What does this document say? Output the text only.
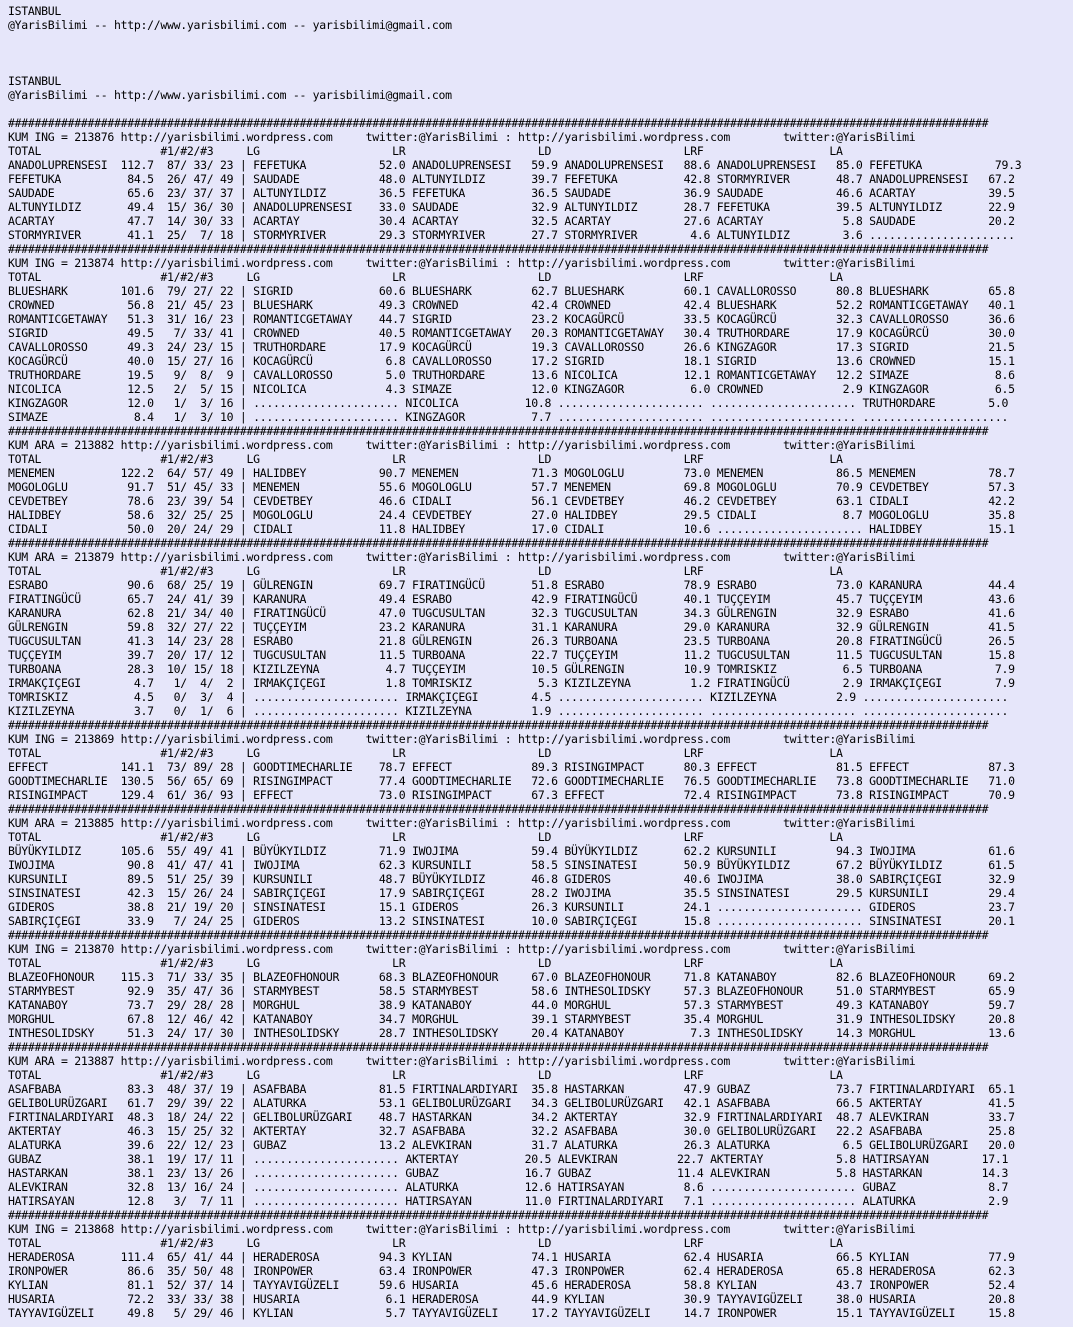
ISTANBUL
@YarisBilimi -- http://www.yarisbilimi.com -- yarisbilimi@gmail.com
ISTANBUL
@YarisBilimi -- http://www.yarisbilimi.com -- yarisbilimi@gmail.com
####################################################################################################################################################
KUM ING = 213876 http://yarisbilimi.wordpress.com     twitter:@YarisBilimi : http://yarisbilimi.wordpress.com        twitter:@YarisBilimi
TOTAL                  #1/#2/#3     LG                    LR                    LD                    LRF                   LA
ANADOLUPRENSESI  112.7  87/ 33/ 23 | FEFETUKA           52.0 ANADOLUPRENSESI   59.9 ANADOLUPRENSESI   88.6 ANADOLUPRENSESI   85.0 FEFETUKA           79.3
FEFETUKA          84.5  26/ 47/ 49 | SAUDADE            48.0 ALTUNYILDIZ       39.7 FEFETUKA          42.8 STORMYRIVER       48.7 ANADOLUPRENSESI   67.2
SAUDADE           65.6  23/ 37/ 37 | ALTUNYILDIZ        36.5 FEFETUKA          36.5 SAUDADE           36.9 SAUDADE           46.6 ACARTAY           39.5
ALTUNYILDIZ       49.4  15/ 36/ 30 | ANADOLUPRENSESI    33.0 SAUDADE           32.9 ALTUNYILDIZ       28.7 FEFETUKA          39.5 ALTUNYILDIZ       22.9
ACARTAY           47.7  14/ 30/ 33 | ACARTAY            30.4 ACARTAY           32.5 ACARTAY           27.6 ACARTAY            5.8 SAUDADE           20.2
STORMYRIVER       41.1  25/  7/ 18 | STORMYRIVER        29.3 STORMYRIVER       27.7 STORMYRIVER        4.6 ALTUNYILDIZ        3.6 ......................
####################################################################################################################################################
KUM ING = 213874 http://yarisbilimi.wordpress.com     twitter:@YarisBilimi : http://yarisbilimi.wordpress.com        twitter:@YarisBilimi
TOTAL                  #1/#2/#3     LG                    LR                    LD                    LRF                   LA
BLUESHARK        101.6  79/ 27/ 22 | SIGRID             60.6 BLUESHARK         62.7 BLUESHARK         60.1 CAVALLOROSSO      80.8 BLUESHARK         65.8
CROWNED           56.8  21/ 45/ 23 | BLUESHARK          49.3 CROWNED           42.4 CROWNED           42.4 BLUESHARK         52.2 ROMANTICGETAWAY   40.1
ROMANTICGETAWAY   51.3  31/ 16/ 23 | ROMANTICGETAWAY    44.7 SIGRID            23.2 KOCAGÜRCÜ         33.5 KOCAGÜRCÜ         32.3 CAVALLOROSSO      36.6
SIGRID            49.5   7/ 33/ 41 | CROWNED            40.5 ROMANTICGETAWAY   20.3 ROMANTICGETAWAY   30.4 TRUTHORDARE       17.9 KOCAGÜRCÜ         30.0
CAVALLOROSSO      49.3  24/ 23/ 15 | TRUTHORDARE        17.9 KOCAGÜRCÜ         19.3 CAVALLOROSSO      26.6 KINGZAGOR         17.3 SIGRID            21.5
KOCAGÜRCÜ         40.0  15/ 27/ 16 | KOCAGÜRCÜ           6.8 CAVALLOROSSO      17.2 SIGRID            18.1 SIGRID            13.6 CROWNED           15.1
TRUTHORDARE       19.5   9/  8/  9 | CAVALLOROSSO        5.0 TRUTHORDARE       13.6 NICOLICA          12.1 ROMANTICGETAWAY   12.2 SIMAZE             8.6
NICOLICA          12.5   2/  5/ 15 | NICOLICA            4.3 SIMAZE            12.0 KINGZAGOR          6.0 CROWNED            2.9 KINGZAGOR          6.5
KINGZAGOR         12.0   1/  3/ 16 | ...................... NICOLICA          10.8 ...................... ...................... TRUTHORDARE        5.0
SIMAZE             8.4   1/  3/ 10 | ...................... KINGZAGOR          7.7 ...................... ...................... ......................
####################################################################################################################################################
KUM ARA = 213882 http://yarisbilimi.wordpress.com     twitter:@YarisBilimi : http://yarisbilimi.wordpress.com        twitter:@YarisBilimi
TOTAL                  #1/#2/#3     LG                    LR                    LD                    LRF                   LA
MENEMEN          122.2  64/ 57/ 49 | HALIDBEY           90.7 MENEMEN           71.3 MOGOLOGLU         73.0 MENEMEN           86.5 MENEMEN           78.7
MOGOLOGLU         91.7  51/ 45/ 33 | MENEMEN            55.6 MOGOLOGLU         57.7 MENEMEN           69.8 MOGOLOGLU         70.9 CEVDETBEY         57.3
CEVDETBEY         78.6  23/ 39/ 54 | CEVDETBEY          46.6 CIDALI            56.1 CEVDETBEY         46.2 CEVDETBEY         63.1 CIDALI            42.2
HALIDBEY          58.6  32/ 25/ 25 | MOGOLOGLU          24.4 CEVDETBEY         27.0 HALIDBEY          29.5 CIDALI             8.7 MOGOLOGLU         35.8
CIDALI            50.0  20/ 24/ 29 | CIDALI             11.8 HALIDBEY          17.0 CIDALI            10.6 ...................... HALIDBEY          15.1
####################################################################################################################################################
KUM ARA = 213879 http://yarisbilimi.wordpress.com     twitter:@YarisBilimi : http://yarisbilimi.wordpress.com        twitter:@YarisBilimi
TOTAL                  #1/#2/#3     LG                    LR                    LD                    LRF                   LA
ESRABO            90.6  68/ 25/ 19 | GÜLRENGIN          69.7 FIRATINGÜCÜ       51.8 ESRABO            78.9 ESRABO            73.0 KARANURA          44.4
FIRATINGÜCÜ       65.7  24/ 41/ 39 | KARANURA           49.4 ESRABO            42.9 FIRATINGÜCÜ       40.1 TUÇÇEYIM          45.7 TUÇÇEYIM          43.6
KARANURA          62.8  21/ 34/ 40 | FIRATINGÜCÜ        47.0 TUGCUSULTAN       32.3 TUGCUSULTAN       34.3 GÜLRENGIN         32.9 ESRABO            41.6
GÜLRENGIN         59.8  32/ 27/ 22 | TUÇÇEYIM           23.2 KARANURA          31.1 KARANURA          29.0 KARANURA          32.9 GÜLRENGIN         41.5
TUGCUSULTAN       41.3  14/ 23/ 28 | ESRABO             21.8 GÜLRENGIN         26.3 TURBOANA          23.5 TURBOANA          20.8 FIRATINGÜCÜ       26.5
TUÇÇEYIM          39.7  20/ 17/ 12 | TUGCUSULTAN        11.5 TURBOANA          22.7 TUÇÇEYIM          11.2 TUGCUSULTAN       11.5 TUGCUSULTAN       15.8
TURBOANA          28.3  10/ 15/ 18 | KIZILZEYNA          4.7 TUÇÇEYIM          10.5 GÜLRENGIN         10.9 TOMRISKIZ          6.5 TURBOANA           7.9
IRMAKÇIÇEGI        4.7   1/  4/  2 | IRMAKÇIÇEGI         1.8 TOMRISKIZ          5.3 KIZILZEYNA         1.2 FIRATINGÜCÜ        2.9 IRMAKÇIÇEGI        7.9
TOMRISKIZ          4.5   0/  3/  4 | ...................... IRMAKÇIÇEGI        4.5 ...................... KIZILZEYNA         2.9 ......................
KIZILZEYNA         3.7   0/  1/  6 | ...................... KIZILZEYNA         1.9 ...................... ...................... ......................
####################################################################################################################################################
KUM ING = 213869 http://yarisbilimi.wordpress.com     twitter:@YarisBilimi : http://yarisbilimi.wordpress.com        twitter:@YarisBilimi
TOTAL                  #1/#2/#3     LG                    LR                    LD                    LRF                   LA
EFFECT           141.1  73/ 89/ 28 | GOODTIMECHARLIE    78.7 EFFECT            89.3 RISINGIMPACT      80.3 EFFECT            81.5 EFFECT            87.3
GOODTIMECHARLIE  130.5  56/ 65/ 69 | RISINGIMPACT       77.4 GOODTIMECHARLIE   72.6 GOODTIMECHARLIE   76.5 GOODTIMECHARLIE   73.8 GOODTIMECHARLIE   71.0
RISINGIMPACT     129.4  61/ 36/ 93 | EFFECT             73.0 RISINGIMPACT      67.3 EFFECT            72.4 RISINGIMPACT      73.8 RISINGIMPACT      70.9
####################################################################################################################################################
KUM ARA = 213885 http://yarisbilimi.wordpress.com     twitter:@YarisBilimi : http://yarisbilimi.wordpress.com        twitter:@YarisBilimi
TOTAL                  #1/#2/#3     LG                    LR                    LD                    LRF                   LA
BÜYÜKYILDIZ      105.6  55/ 49/ 41 | BÜYÜKYILDIZ        71.9 IWOJIMA           59.4 BÜYÜKYILDIZ       62.2 KURSUNILI         94.3 IWOJIMA           61.6
IWOJIMA           90.8  41/ 47/ 41 | IWOJIMA            62.3 KURSUNILI         58.5 SINSINATESI       50.9 BÜYÜKYILDIZ       67.2 BÜYÜKYILDIZ       61.5
KURSUNILI         89.5  51/ 25/ 39 | KURSUNILI          48.7 BÜYÜKYILDIZ       46.8 GIDEROS           40.6 IWOJIMA           38.0 SABIRÇIÇEGI       32.9
SINSINATESI       42.3  15/ 26/ 24 | SABIRÇIÇEGI        17.9 SABIRÇIÇEGI       28.2 IWOJIMA           35.5 SINSINATESI       29.5 KURSUNILI         29.4
GIDEROS           38.8  21/ 19/ 20 | SINSINATESI        15.1 GIDEROS           26.3 KURSUNILI         24.1 ...................... GIDEROS           23.7
SABIRÇIÇEGI       33.9   7/ 24/ 25 | GIDEROS            13.2 SINSINATESI       10.0 SABIRÇIÇEGI       15.8 ...................... SINSINATESI       20.1
####################################################################################################################################################
KUM ING = 213870 http://yarisbilimi.wordpress.com     twitter:@YarisBilimi : http://yarisbilimi.wordpress.com        twitter:@YarisBilimi
TOTAL                  #1/#2/#3     LG                    LR                    LD                    LRF                   LA
BLAZEOFHONOUR    115.3  71/ 33/ 35 | BLAZEOFHONOUR      68.3 BLAZEOFHONOUR     67.0 BLAZEOFHONOUR     71.8 KATANABOY         82.6 BLAZEOFHONOUR     69.2
STARMYBEST        92.9  35/ 47/ 36 | STARMYBEST         58.5 STARMYBEST        58.6 INTHESOLIDSKY     57.3 BLAZEOFHONOUR     51.0 STARMYBEST        65.9
KATANABOY         73.7  29/ 28/ 28 | MORGHUL            38.9 KATANABOY         44.0 MORGHUL           57.3 STARMYBEST        49.3 KATANABOY         59.7
MORGHUL           67.8  12/ 46/ 42 | KATANABOY          34.7 MORGHUL           39.1 STARMYBEST        35.4 MORGHUL           31.9 INTHESOLIDSKY     20.8
INTHESOLIDSKY     51.3  24/ 17/ 30 | INTHESOLIDSKY      28.7 INTHESOLIDSKY     20.4 KATANABOY          7.3 INTHESOLIDSKY     14.3 MORGHUL           13.6
####################################################################################################################################################
KUM ARA = 213887 http://yarisbilimi.wordpress.com     twitter:@YarisBilimi : http://yarisbilimi.wordpress.com        twitter:@YarisBilimi
TOTAL                  #1/#2/#3     LG                    LR                    LD                    LRF                   LA
ASAFBABA          83.3  48/ 37/ 19 | ASAFBABA           81.5 FIRTINALARDIYARI  35.8 HASTARKAN         47.9 GUBAZ             73.7 FIRTINALARDIYARI  65.1
GELIBOLURÜZGARI   61.7  29/ 39/ 22 | ALATURKA           53.1 GELIBOLURÜZGARI   34.3 GELIBOLURÜZGARI   42.1 ASAFBABA          66.5 AKTERTAY          41.5
FIRTINALARDIYARI  48.3  18/ 24/ 22 | GELIBOLURÜZGARI    48.7 HASTARKAN         34.2 AKTERTAY          32.9 FIRTINALARDIYARI  48.7 ALEVKIRAN         33.7
AKTERTAY          46.3  15/ 25/ 32 | AKTERTAY           32.7 ASAFBABA          32.2 ASAFBABA          30.0 GELIBOLURÜZGARI   22.2 ASAFBABA          25.8
ALATURKA          39.6  22/ 12/ 23 | GUBAZ              13.2 ALEVKIRAN         31.7 ALATURKA          26.3 ALATURKA           6.5 GELIBOLURÜZGARI   20.0
GUBAZ             38.1  19/ 17/ 11 | ...................... AKTERTAY          20.5 ALEVKIRAN         22.7 AKTERTAY           5.8 HATIRSAYAN        17.1
HASTARKAN         38.1  23/ 13/ 26 | ...................... GUBAZ             16.7 GUBAZ             11.4 ALEVKIRAN          5.8 HASTARKAN         14.3
ALEVKIRAN         32.8  13/ 16/ 24 | ...................... ALATURKA          12.6 HATIRSAYAN         8.6 ...................... GUBAZ              8.7
HATIRSAYAN        12.8   3/  7/ 11 | ...................... HATIRSAYAN        11.0 FIRTINALARDIYARI   7.1 ...................... ALATURKA           2.9
####################################################################################################################################################
KUM ING = 213868 http://yarisbilimi.wordpress.com     twitter:@YarisBilimi : http://yarisbilimi.wordpress.com        twitter:@YarisBilimi
TOTAL                  #1/#2/#3     LG                    LR                    LD                    LRF                   LA
HERADEROSA       111.4  65/ 41/ 44 | HERADEROSA         94.3 KYLIAN            74.1 HUSARIA           62.4 HUSARIA           66.5 KYLIAN            77.9
IRONPOWER         86.6  35/ 50/ 48 | IRONPOWER          63.4 IRONPOWER         47.3 IRONPOWER         62.4 HERADEROSA        65.8 HERADEROSA        62.3
KYLIAN            81.1  52/ 37/ 14 | TAYYAVIGÜZELI      59.6 HUSARIA           45.6 HERADEROSA        58.8 KYLIAN            43.7 IRONPOWER         52.4
HUSARIA           72.2  33/ 33/ 38 | HUSARIA             6.1 HERADEROSA        44.9 KYLIAN            30.9 TAYYAVIGÜZELI     38.0 HUSARIA           20.8
TAYYAVIGÜZELI     49.8   5/ 29/ 46 | KYLIAN              5.7 TAYYAVIGÜZELI     17.2 TAYYAVIGÜZELI     14.7 IRONPOWER         15.1 TAYYAVIGÜZELI     15.8
